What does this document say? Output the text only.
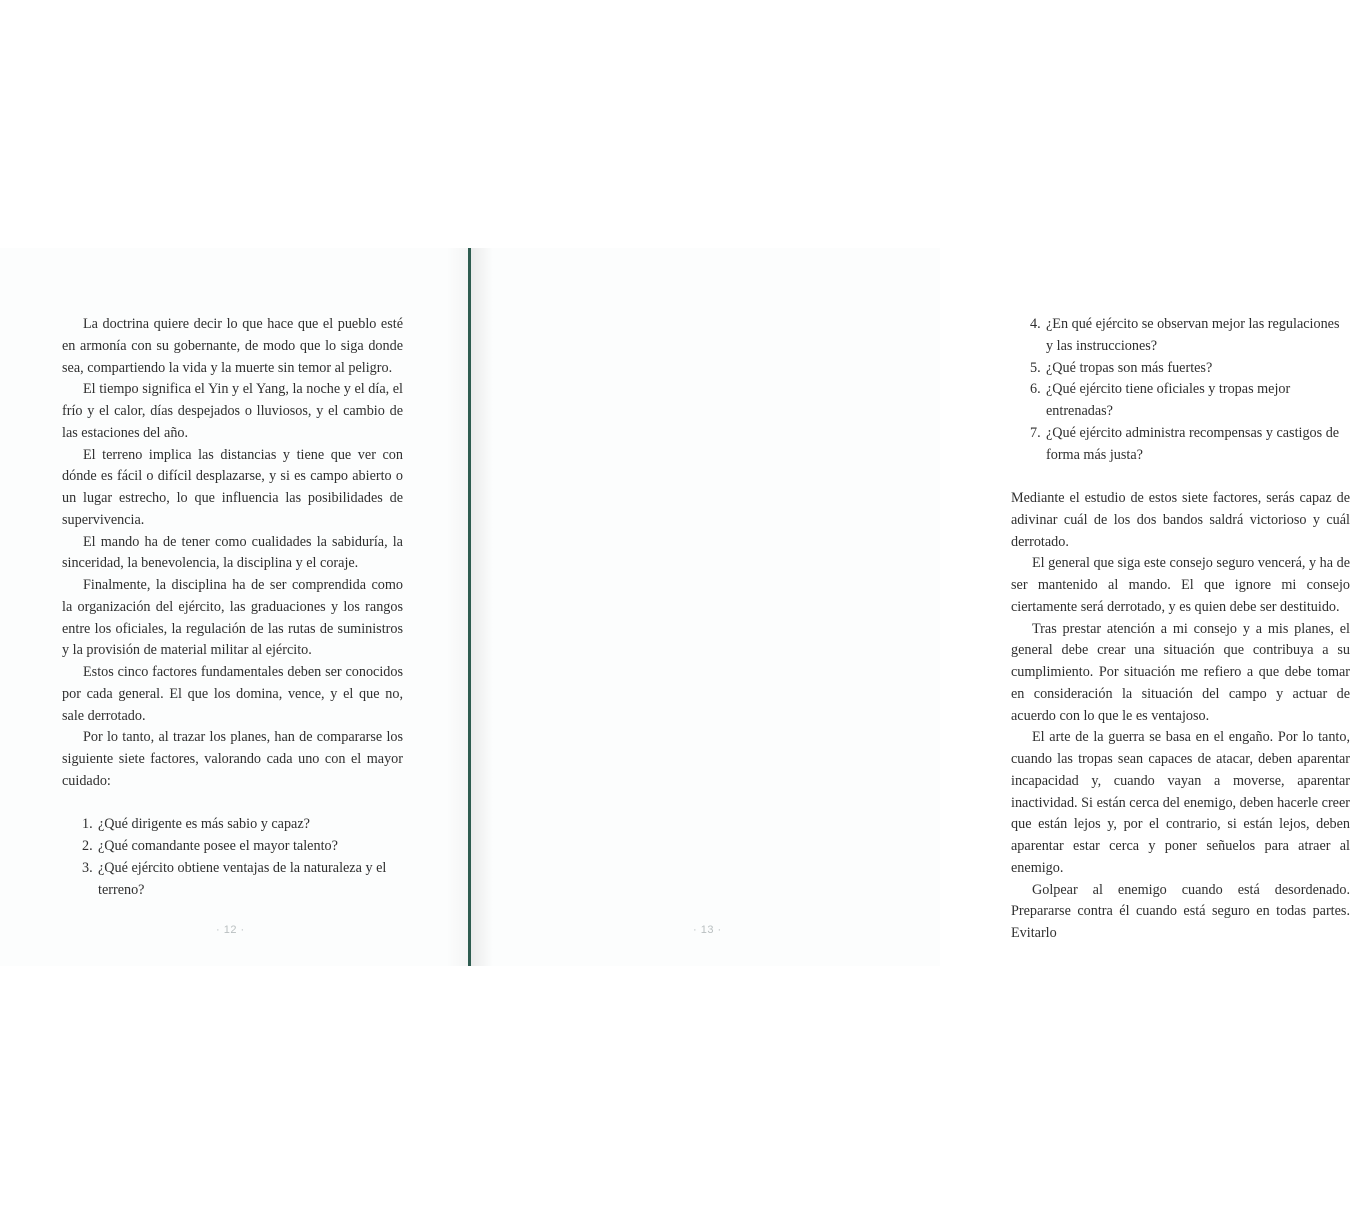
La doctrina quiere decir lo que hace que el pueblo esté en armonía con su gobernante, de modo que lo siga donde sea, compartiendo la vida y la muerte sin temor al peligro.

El tiempo significa el Yin y el Yang, la noche y el día, el frío y el calor, días despejados o lluviosos, y el cambio de las estaciones del año.

El terreno implica las distancias y tiene que ver con dónde es fácil o difícil desplazarse, y si es campo abierto o un lugar estrecho, lo que influencia las posibilidades de supervivencia.

El mando ha de tener como cualidades la sabiduría, la sinceridad, la benevolencia, la disciplina y el coraje.

Finalmente, la disciplina ha de ser comprendida como la organización del ejército, las graduaciones y los rangos entre los oficiales, la regulación de las rutas de suministros y la provisión de material militar al ejército.

Estos cinco factores fundamentales deben ser conocidos por cada general. El que los domina, vence, y el que no, sale derrotado.

Por lo tanto, al trazar los planes, han de compararse los siguiente siete factores, valorando cada uno con el mayor cuidado:

1. ¿Qué dirigente es más sabio y capaz?

2. ¿Qué comandante posee el mayor talento?

3. ¿Qué ejército obtiene ventajas de la naturaleza y el terreno?

· 12 ·

4. ¿En qué ejército se observan mejor las regulaciones y las instrucciones?

5. ¿Qué tropas son más fuertes?

6. ¿Qué ejército tiene oficiales y tropas mejor entrenadas?

7. ¿Qué ejército administra recompensas y castigos de forma más justa?

Mediante el estudio de estos siete factores, serás capaz de adivinar cuál de los dos bandos saldrá victorioso y cuál derrotado.

El general que siga este consejo seguro vencerá, y ha de ser mantenido al mando. El que ignore mi consejo ciertamente será derrotado, y es quien debe ser destituido.

Tras prestar atención a mi consejo y a mis planes, el general debe crear una situación que contribuya a su cumplimiento. Por situación me refiero a que debe tomar en consideración la situación del campo y actuar de acuerdo con lo que le es ventajoso.

El arte de la guerra se basa en el engaño. Por lo tanto, cuando las tropas sean capaces de atacar, deben aparentar incapacidad y, cuando vayan a moverse, aparentar inactividad. Si están cerca del enemigo, deben hacerle creer que están lejos y, por el contrario, si están lejos, deben aparentar estar cerca y poner señuelos para atraer al enemigo.

Golpear al enemigo cuando está desordenado. Prepararse contra él cuando está seguro en todas partes. Evitarlo

· 13 ·
